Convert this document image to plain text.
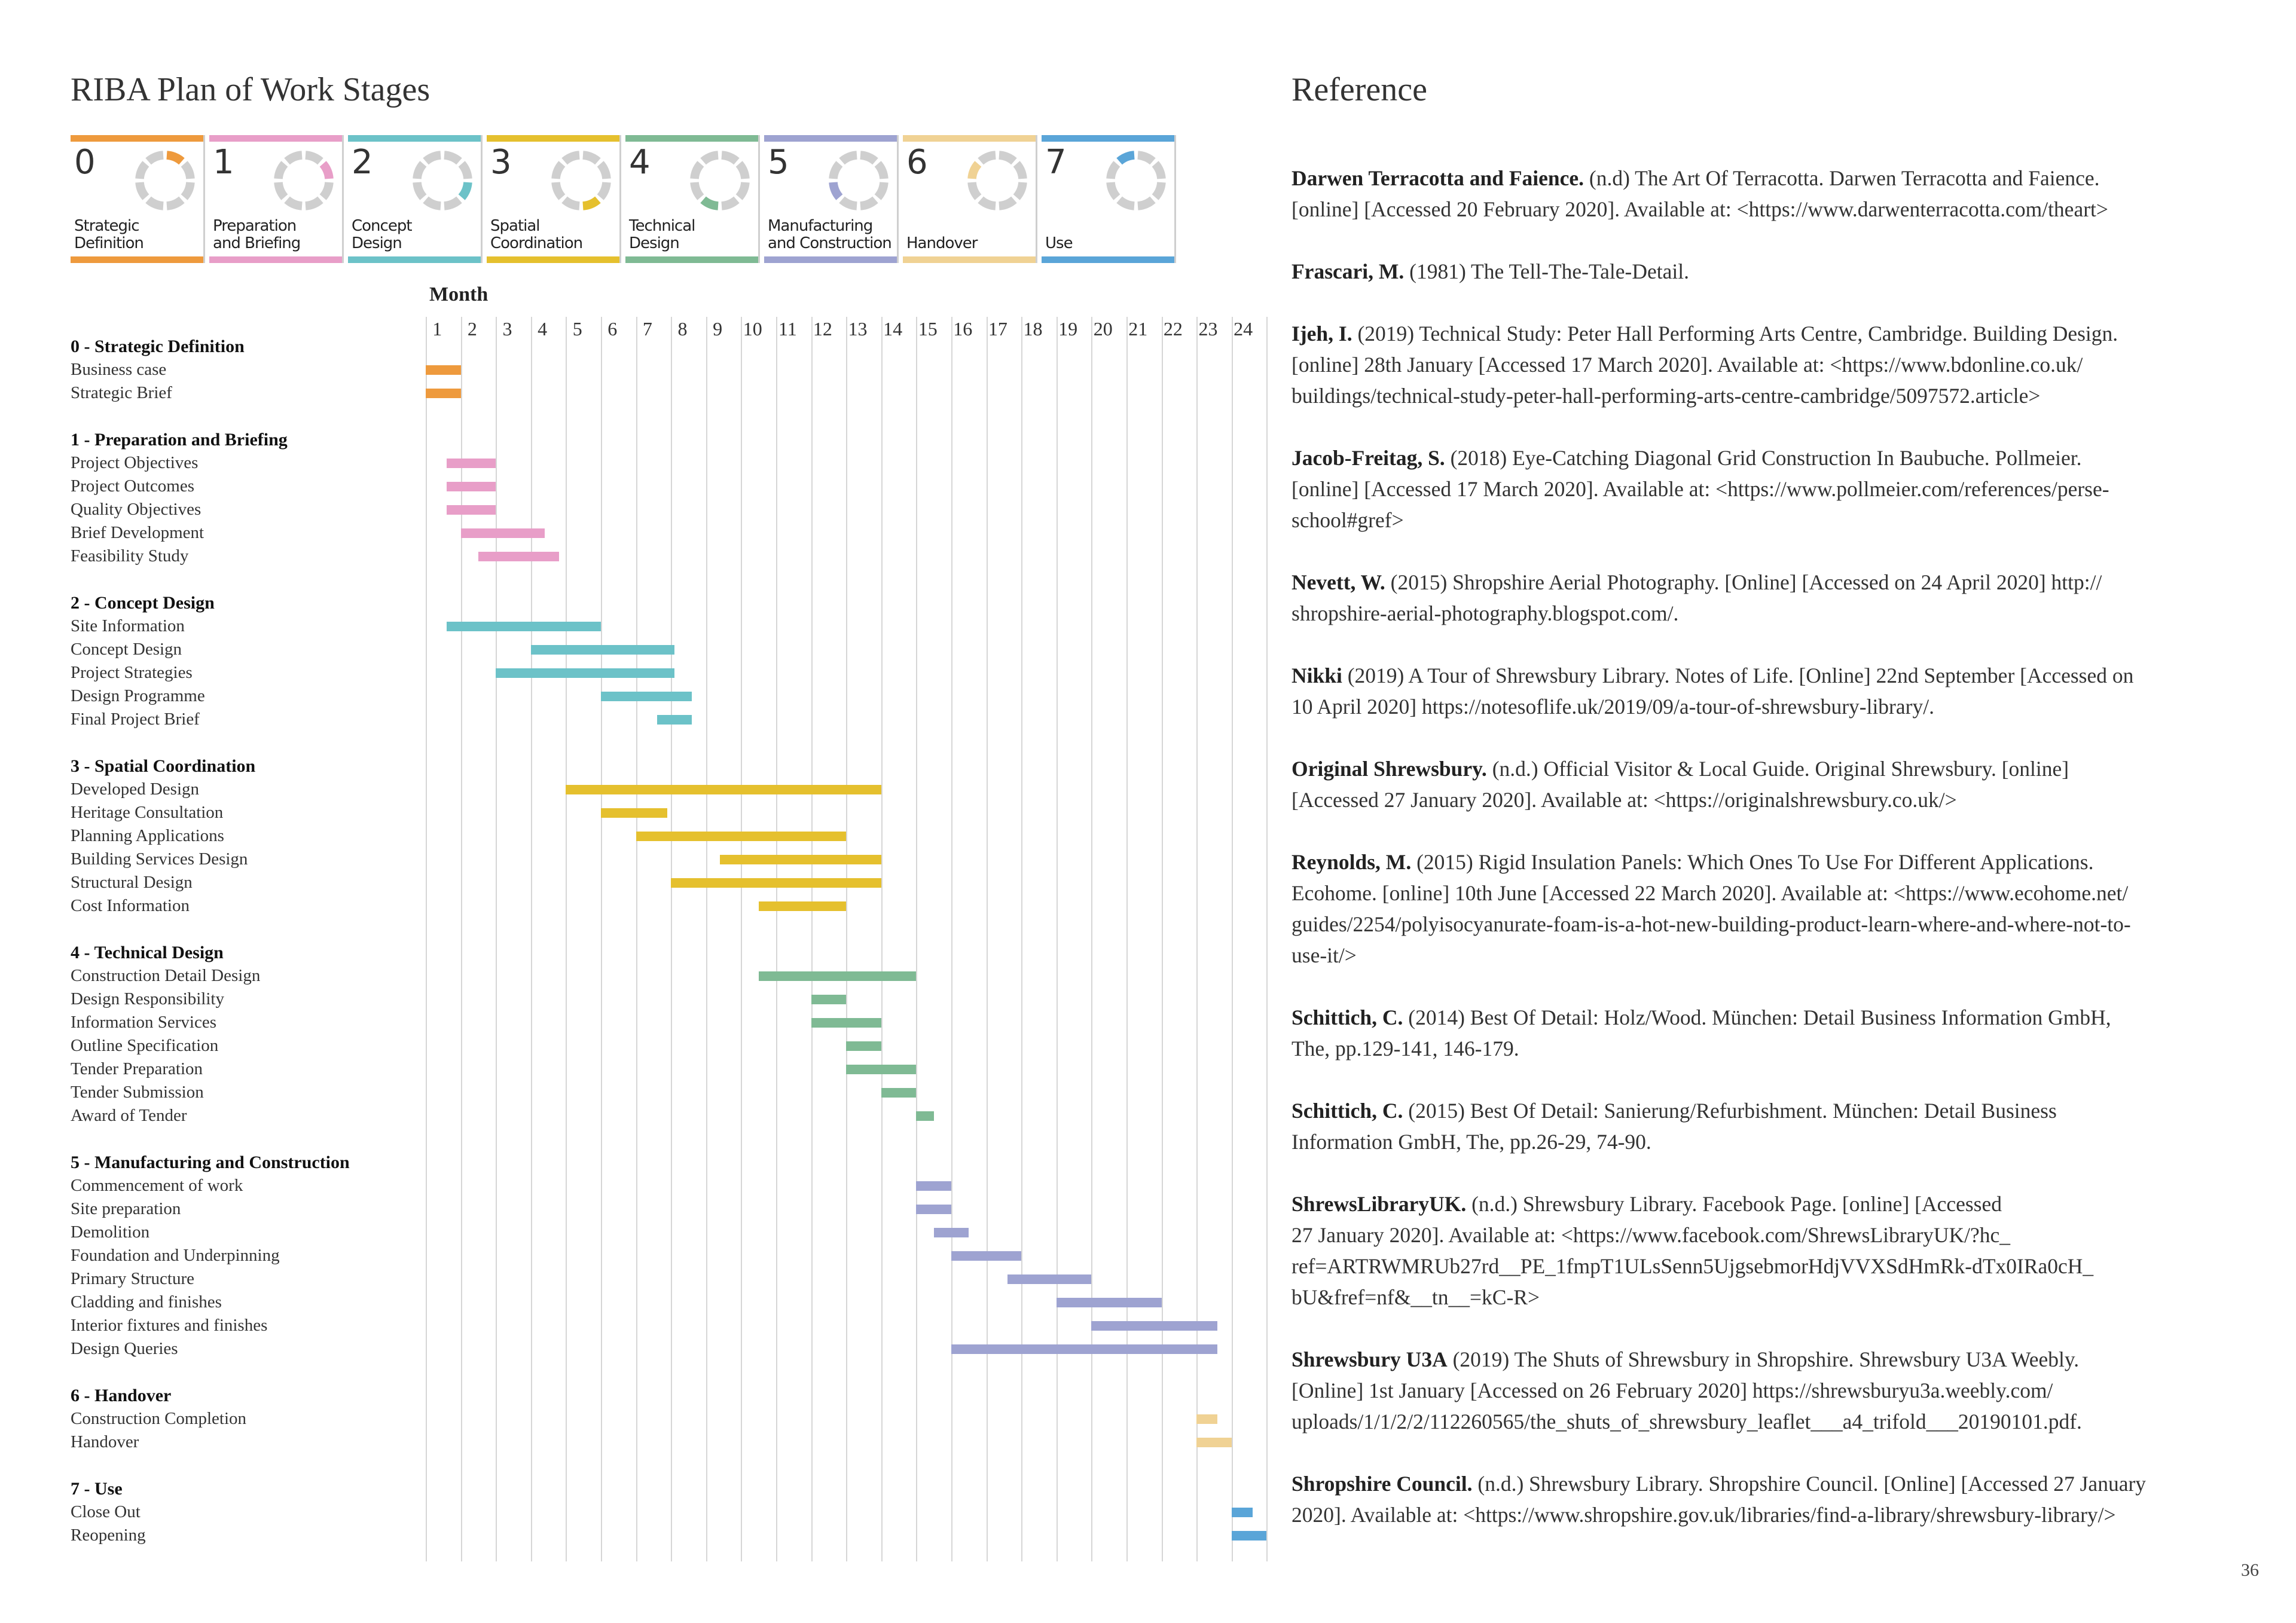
RIBA Plan of Work Stages	Reference
0
Strategic
Definition
1
Preparation
and Briefing
2
Concept
Design
3
Spatial
Coordination
4
Technical
Design
5
Manufacturing
and Construction
6
Handover
7
Use
Month
1	2	3	4	5	6	7	8	9	10 11 12 13 14 15 16 17 18 19 20 21 22 23 24
0 - Strategic Definition
Business case
Strategic Brief
1 - Preparation and Briefing
Project Objectives
Project Outcomes
Quality Objectives
Brief Development
Feasibility Study
2 - Concept Design
Site Information
Concept Design
Project Strategies
Design Programme
Final Project Brief
3 - Spatial Coordination
Developed Design
Heritage Consultation
Planning Applications
Building Services Design
Structural Design
Cost Information
4 - Technical Design
Construction Detail Design
Design Responsibility
Information Services
Outline Specification
Tender Preparation
Tender Submission
Award of Tender
5 - Manufacturing and Construction
Commencement of work
Site preparation
Demolition
Foundation and Underpinning
Primary Structure
Cladding and finishes
Interior fixtures and finishes
Design Queries
6 - Handover
Construction Completion
Handover
7 - Use
Close Out
Reopening
Darwen Terracotta and Faience. (n.d) The Art Of Terracotta. Darwen Terracotta and Faience.
[online] [Accessed 20 February 2020]. Available at: <https://www.darwenterracotta.com/theart>
Frascari, M. (1981) The Tell-The-Tale-Detail.
Ijeh, I. (2019) Technical Study: Peter Hall Performing Arts Centre, Cambridge. Building Design.
[online] 28th January [Accessed 17 March 2020]. Available at: <https://www.bdonline.co.uk/
buildings/technical-study-peter-hall-performing-arts-centre-cambridge/5097572.article>
Jacob-Freitag, S. (2018) Eye-Catching Diagonal Grid Construction In Baubuche. Pollmeier.
[online] [Accessed 17 March 2020]. Available at: <https://www.pollmeier.com/references/perse-
school#gref>
Nevett, W. (2015) Shropshire Aerial Photography. [Online] [Accessed on 24 April 2020] http://
shropshire-aerial-photography.blogspot.com/.
Nikki (2019) A Tour of Shrewsbury Library. Notes of Life. [Online] 22nd September [Accessed on
10 April 2020] https://notesoflife.uk/2019/09/a-tour-of-shrewsbury-library/.
Original Shrewsbury. (n.d.) Official Visitor & Local Guide. Original Shrewsbury. [online]
[Accessed 27 January 2020]. Available at: <https://originalshrewsbury.co.uk/>
Reynolds, M. (2015) Rigid Insulation Panels: Which Ones To Use For Different Applications.
Ecohome. [online] 10th June [Accessed 22 March 2020]. Available at: <https://www.ecohome.net/
guides/2254/polyisocyanurate-foam-is-a-hot-new-building-product-learn-where-and-where-not-to-
use-it/>
Schittich, C. (2014) Best Of Detail: Holz/Wood. München: Detail Business Information GmbH,
The, pp.129-141, 146-179.
Schittich, C. (2015) Best Of Detail: Sanierung/Refurbishment. München: Detail Business
Information GmbH, The, pp.26-29, 74-90.
ShrewsLibraryUK. (n.d.) Shrewsbury Library. Facebook Page. [online] [Accessed
27 January 2020]. Available at: <https://www.facebook.com/ShrewsLibraryUK/?hc_
ref=ARTRWMRUb27rd__PE_1fmpT1ULsSenn5UjgsebmorHdjVVXSdHmRk-dTx0IRa0cH_
bU&fref=nf&__tn__=kC-R>
Shrewsbury U3A (2019) The Shuts of Shrewsbury in Shropshire. Shrewsbury U3A Weebly.
[Online] 1st January [Accessed on 26 February 2020] https://shrewsburyu3a.weebly.com/
uploads/1/1/2/2/112260565/the_shuts_of_shrewsbury_leaflet___a4_trifold___20190101.pdf.
Shropshire Council. (n.d.) Shrewsbury Library. Shropshire Council. [Online] [Accessed 27 January
2020]. Available at: <https://www.shropshire.gov.uk/libraries/find-a-library/shrewsbury-library/>
36
